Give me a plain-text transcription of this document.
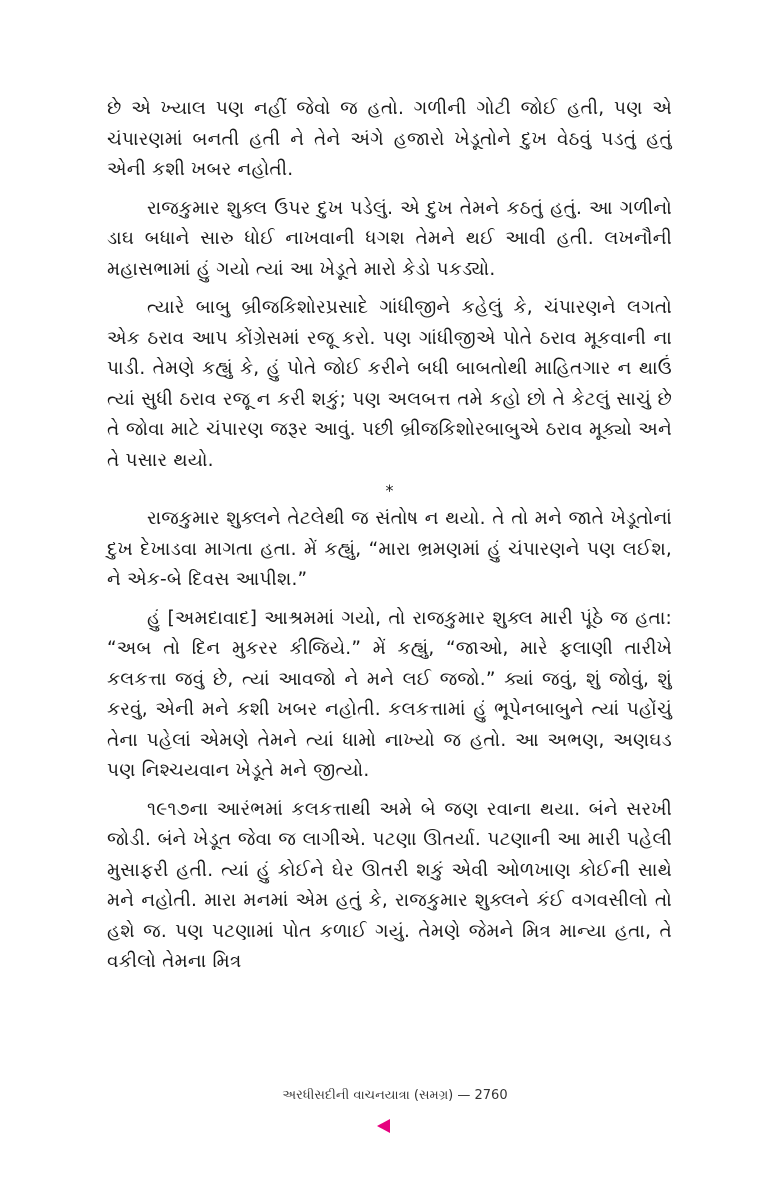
છે એ ખ્યાલ પણ નહીં જેવો જ હતો. ગળીની ગોટી જોઈ હતી, પણ એ ચંપારણમાં બનતી હતી ને તેને અંગે હજારો ખેડૂતોને દુખ વેઠવું પડતું હતું એની કશી ખબર નહોતી.

રાજકુમાર શુક્લ ઉપર દુખ પડેલું. એ દુખ તેમને કઠતું હતું. આ ગળીનો ડાઘ બધાને સારુ ધોઈ નાખવાની ધગશ તેમને થઈ આવી હતી. લખનૌની મહાસભામાં હું ગયો ત્યાં આ ખેડૂતે મારો કેડો પકડ્યો.

ત્યારે બાબુ બ્રીજકિશોરપ્રસાદે ગાંધીજીને કહેલું કે, ચંપારણને લગતો એક ઠરાવ આપ કોંગ્રેસમાં રજૂ કરો. પણ ગાંધીજીએ પોતે ઠરાવ મૂકવાની ના પાડી. તેમણે કહ્યું કે, હું પોતે જોઈ કરીને બધી બાબતોથી માહિતગાર ન થાઉં ત્યાં સુધી ઠરાવ રજૂ ન કરી શકું; પણ અલબત્ત તમે કહો છો તે કેટલું સાચું છે તે જોવા માટે ચંપારણ જરૂર આવું. પછી બ્રીજકિશોરબાબુએ ઠરાવ મૂક્યો અને તે પસાર થયો.

*

રાજકુમાર શુક્લને તેટલેથી જ સંતોષ ન થયો. તે તો મને જાતે ખેડૂતોનાં દુખ દેખાડવા માગતા હતા. મેં કહ્યું, “મારા ભ્રમણમાં હું ચંપારણને પણ લઈશ, ને એક-બે દિવસ આપીશ.”

હું [અમદાવાદ] આશ્રમમાં ગયો, તો રાજકુમાર શુક્લ મારી પૂંઠે જ હતા: “અબ તો દિન મુકરર કીજિયે.” મેં કહ્યું, “જાઓ, મારે ફલાણી તારીખે કલકત્તા જવું છે, ત્યાં આવજો ને મને લઈ જજો.” ક્યાં જવું, શું જોવું, શું કરવું, એની મને કશી ખબર નહોતી. કલકત્તામાં હું ભૂપેનબાબુને ત્યાં પહોંચું તેના પહેલાં એમણે તેમને ત્યાં ધામો નાખ્યો જ હતો. આ અભણ, અણઘડ પણ નિશ્ચયવાન ખેડૂતે મને જીત્યો.

૧૯૧૭ના આરંભમાં કલકત્તાથી અમે બે જણ રવાના થયા. બંને સરખી જોડી. બંને ખેડૂત જેવા જ લાગીએ. પટણા ઊતર્યા. પટણાની આ મારી પહેલી મુસાફરી હતી. ત્યાં હું કોઈને ઘેર ઊતરી શકું એવી ઓળખાણ કોઈની સાથે મને નહોતી. મારા મનમાં એમ હતું કે, રાજકુમાર શુક્લને કંઈ વગવસીલો તો હશે જ. પણ પટણામાં પોત કળાઈ ગયું. તેમણે જેમને મિત્ર માન્યા હતા, તે વકીલો તેમના મિત્ર

અરધીસદીની વાચનયાત્રા (સમગ્ર) — 2760
